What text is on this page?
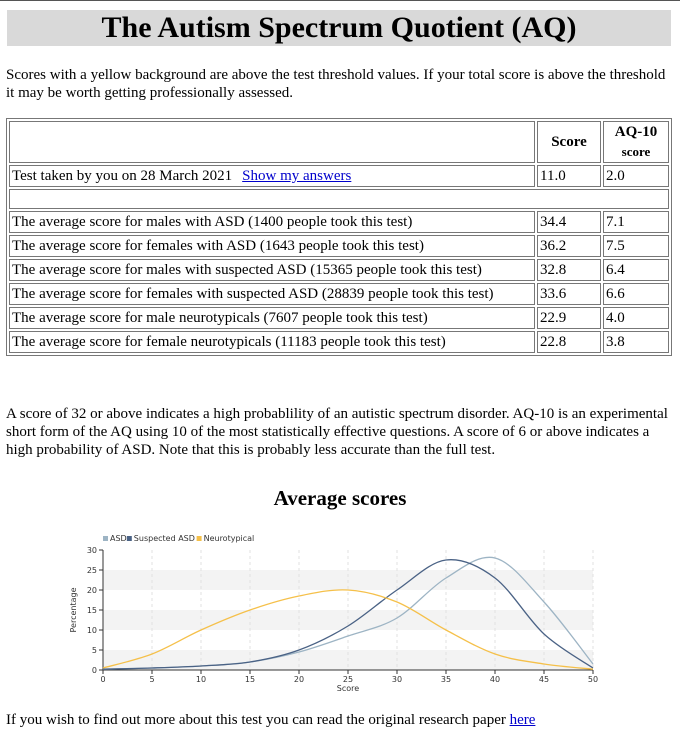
The Autism Spectrum Quotient (AQ)
Scores with a yellow background are above the test threshold values. If your total score is above the threshold it may be worth getting professionally assessed.
	Score	AQ-10
score
Test taken by you on 28 March 2021 Show my answers	11.0	2.0

The average score for males with ASD (1400 people took this test)	34.4	7.1
The average score for females with ASD (1643 people took this test)	36.2	7.5
The average score for males with suspected ASD (15365 people took this test)	32.8	6.4
The average score for females with suspected ASD (28839 people took this test)	33.6	6.6
The average score for male neurotypicals (7607 people took this test)	22.9	4.0
The average score for female neurotypicals (11183 people took this test)	22.8	3.8
A score of 32 or above indicates a high probablility of an autistic spectrum disorder. AQ-10 is an experimental short form of the AQ using 10 of the most statistically effective questions. A score of 6 or above indicates a high probability of ASD. Note that this is probably less accurate than the full test.
Average scores
0
5
10
15
20
25
30
0	5	10	15	20	25	30	35	40	45	50
Score
Percentage
ASD Suspected ASD Neurotypical
If you wish to find out more about this test you can read the original research paper here
